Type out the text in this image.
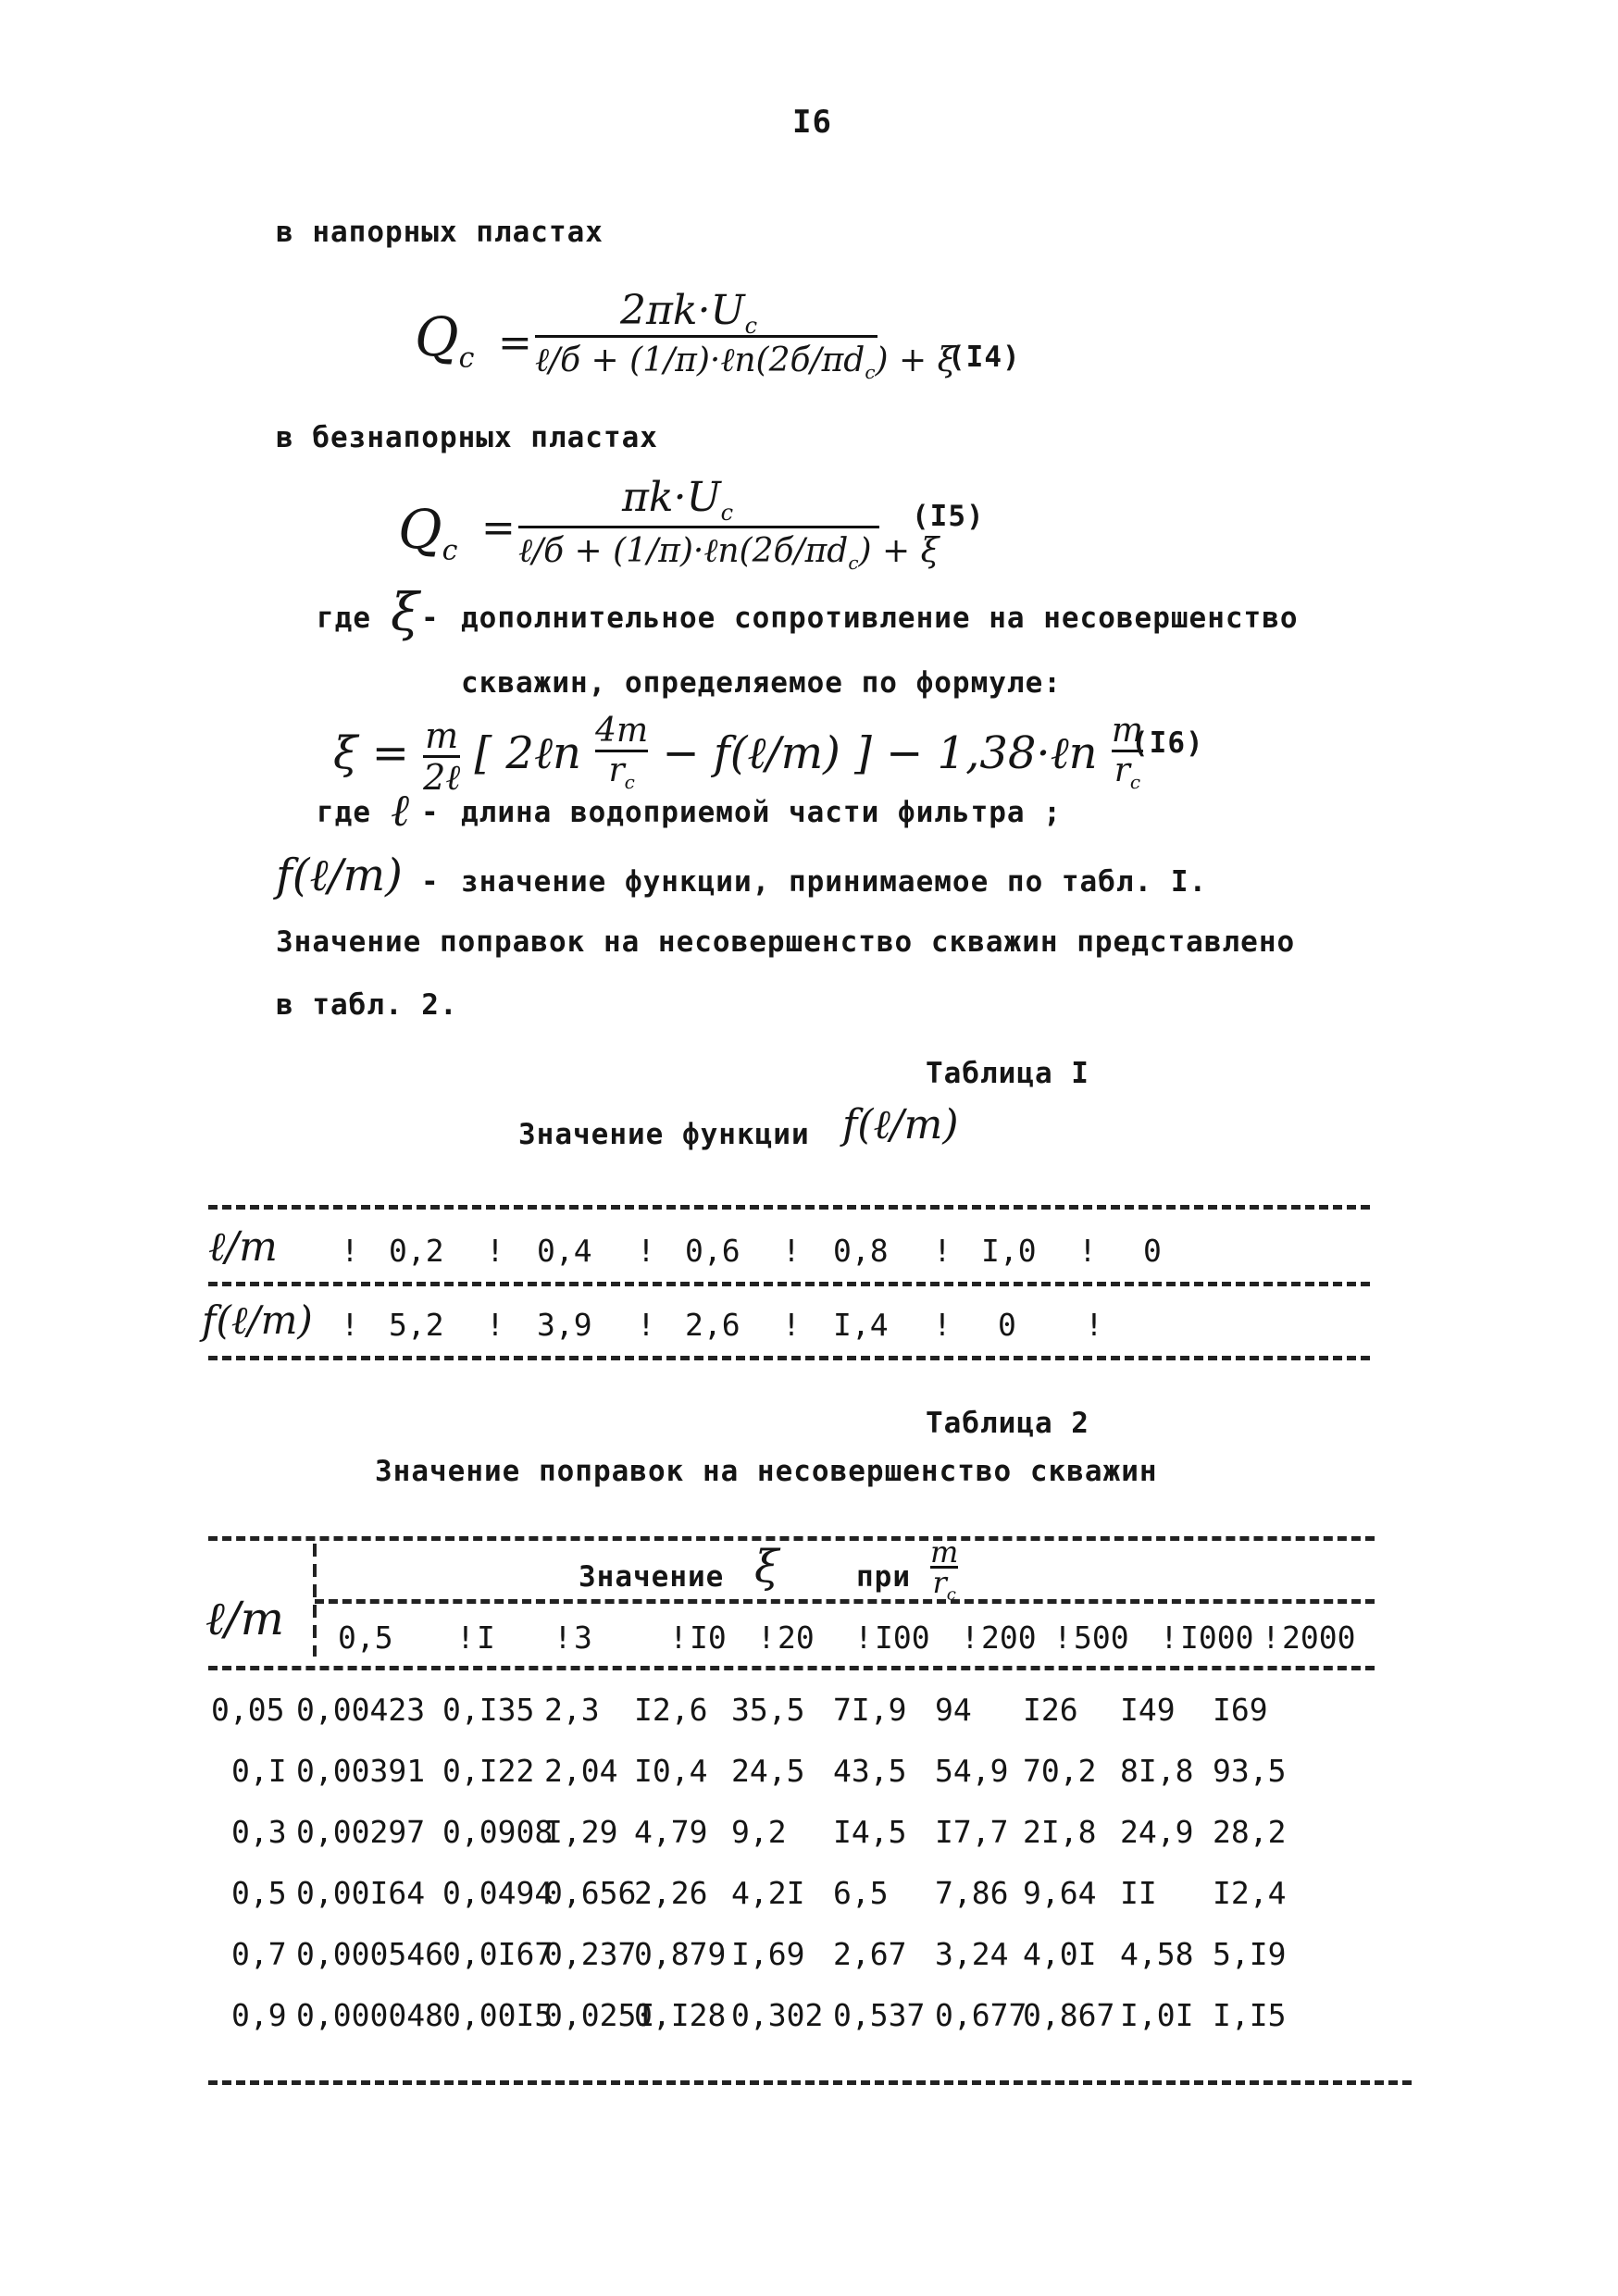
I6
в напорных пластах
$Q_c$ =
$2\pi k\cdot U_c$
ℓ/б + $(1/\pi)\cdot\ell n(2б/\pi d_c) + \xi$
(I4)
в безнапорных пластах
$Q_c$ =
$\pi k\cdot U_c$
ℓ/б + $(1/\pi)\cdot\ell n(2б/\pi d_c) + \xi$
(I5)
где ξ - дополнительное сопротивление на несовершенство
скважин, определяемое по формуле:
ξ = m
2ℓ [ 2ℓn $\frac{4m}{r_c}$ − f(ℓ/m) ] − 1,38·ℓn $\frac{m}{r_c}$
(I6)
где ℓ - длина водоприемой части фильтра ;
f(ℓ/m) - значение функции, принимаемое по табл. I.
Значение поправок на несовершенство скважин представлено
в табл. 2.
Таблица I
Значение функции f(ℓ/m)
ℓ/m ! 0,2 ! 0,4 ! 0,6 ! 0,8 ! I,0 ! 0
f(ℓ/m) ! 5,2 ! 3,9 ! 2,6 ! I,4 ! 0 !
Таблица 2
Значение поправок на несовершенство скважин
ℓ/m
Значение ξ	при
m
$r_c$
0,5 ! I ! 3	! I0 ! 20 ! I00 ! 200 ! 500 ! I000 ! 2000
0,05 0,00423 0,I35 2,3 I2,6 35,5 7I,9 94 I26 I49 I69
0,I 0,00391 0,I22 2,04 I0,4 24,5 43,5 54,9 70,2 8I,8 93,5
0,3 0,00297 0,0908
I,29 4,79 9,2 I4,5 I7,7 2I,8 24,9 28,2
0,5 0,00I64 0,0494
0,656
2,26 4,2I 6,5 7,86 9,64 II I2,4
0,7 0,000546 0,0I67
0,237
0,879 I,69 2,67 3,24 4,0I 4,58 5,I9
0,9 0,000048 0,00I5
0,025I
0,I28 0,302 0,537 0,677
0,867 I,0I I,I5
